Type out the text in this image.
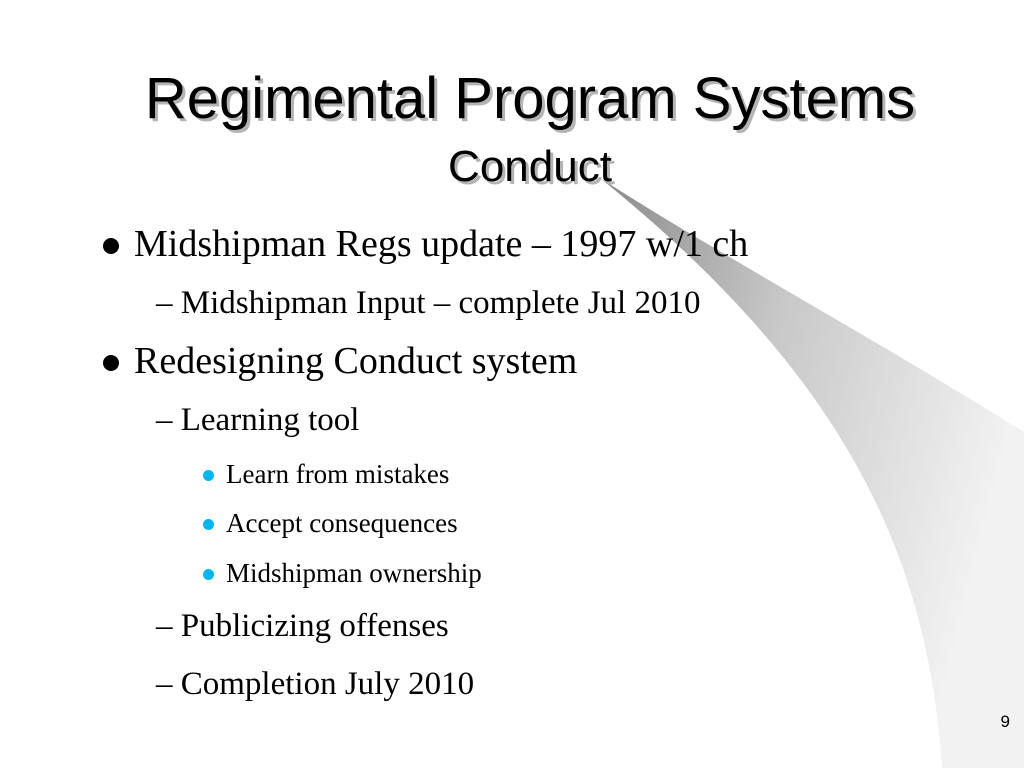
Regimental Program Systems
Conduct
Midshipman Regs update – 1997 w/1 ch
– Midshipman Input – complete Jul 2010
Redesigning Conduct system
– Learning tool
Learn from mistakes
Accept consequences
Midshipman ownership
– Publicizing offenses
– Completion July 2010
9
